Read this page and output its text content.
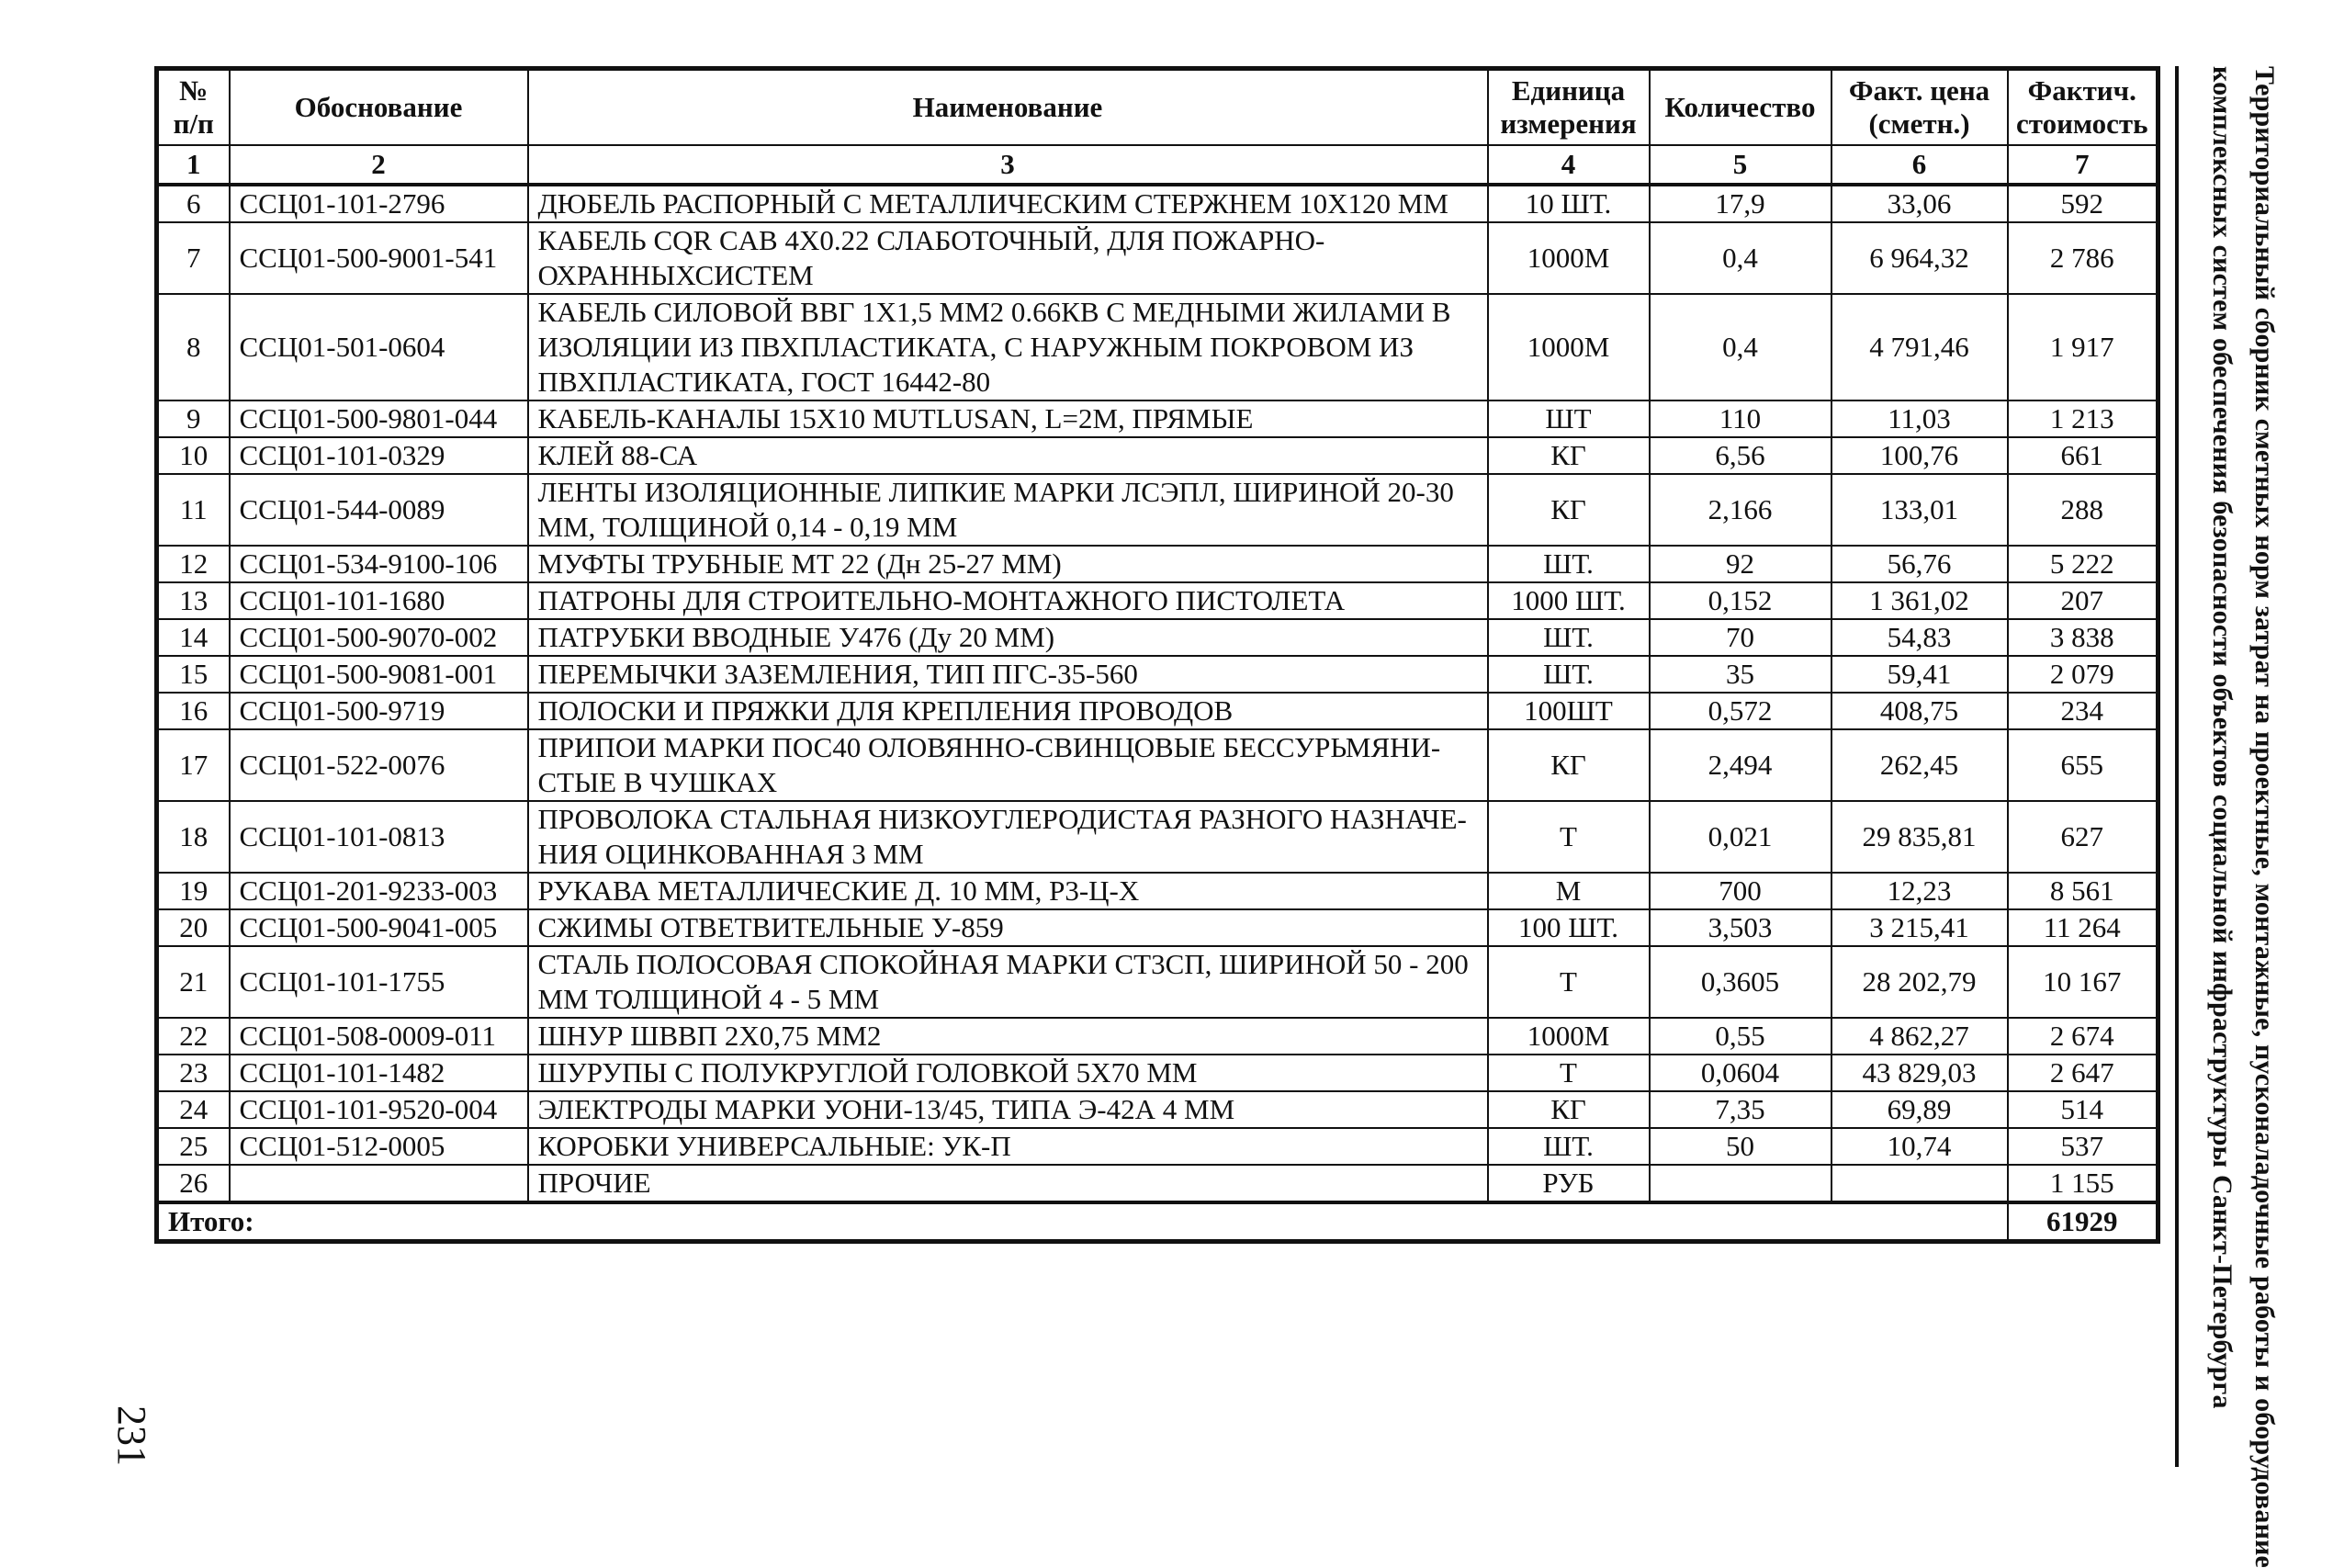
№ п/п	Обоснование	Наименование	Единица измерения	Количество	Факт. цена (сметн.)	Фактич. стоимость
1	2	3	4	5	6	7
6	ССЦ01-101-2796	ДЮБЕЛЬ РАСПОРНЫЙ С МЕТАЛЛИЧЕСКИМ СТЕРЖНЕМ 10Х120 ММ	10 ШТ.	17,9	33,06	592
7	ССЦ01-500-9001-541	КАБЕЛЬ CQR CAB 4Х0.22 СЛАБОТОЧНЫЙ, ДЛЯ ПОЖАРНО-ОХРАННЫХСИСТЕМ	1000М	0,4	6 964,32	2 786
8	ССЦ01-501-0604	КАБЕЛЬ СИЛОВОЙ ВВГ 1Х1,5 ММ2 0.66КВ С МЕДНЫМИ ЖИЛАМИ В ИЗОЛЯЦИИ ИЗ ПВХПЛАСТИКАТА, С НАРУЖНЫМ ПОКРОВОМ ИЗ ПВХПЛАСТИКАТА, ГОСТ 16442-80	1000М	0,4	4 791,46	1 917
9	ССЦ01-500-9801-044	КАБЕЛЬ-КАНАЛЫ 15Х10 MUTLUSAN, L=2М, ПРЯМЫЕ	ШТ	110	11,03	1 213
10	ССЦ01-101-0329	КЛЕЙ 88-СА	КГ	6,56	100,76	661
11	ССЦ01-544-0089	ЛЕНТЫ ИЗОЛЯЦИОННЫЕ ЛИПКИЕ МАРКИ ЛСЭПЛ, ШИРИНОЙ 20-30 ММ, ТОЛЩИНОЙ 0,14 - 0,19 ММ	КГ	2,166	133,01	288
12	ССЦ01-534-9100-106	МУФТЫ ТРУБНЫЕ МТ 22 (Дн 25-27 ММ)	ШТ.	92	56,76	5 222
13	ССЦ01-101-1680	ПАТРОНЫ ДЛЯ СТРОИТЕЛЬНО-МОНТАЖНОГО ПИСТОЛЕТА	1000 ШТ.	0,152	1 361,02	207
14	ССЦ01-500-9070-002	ПАТРУБКИ ВВОДНЫЕ У476 (Ду 20 ММ)	ШТ.	70	54,83	3 838
15	ССЦ01-500-9081-001	ПЕРЕМЫЧКИ ЗАЗЕМЛЕНИЯ, ТИП ПГС-35-560	ШТ.	35	59,41	2 079
16	ССЦ01-500-9719	ПОЛОСКИ И ПРЯЖКИ ДЛЯ КРЕПЛЕНИЯ ПРОВОДОВ	100ШТ	0,572	408,75	234
17	ССЦ01-522-0076	ПРИПОИ МАРКИ ПОС40 ОЛОВЯННО-СВИНЦОВЫЕ БЕССУРЬМЯНИ-СТЫЕ В ЧУШКАХ	КГ	2,494	262,45	655
18	ССЦ01-101-0813	ПРОВОЛОКА СТАЛЬНАЯ НИЗКОУГЛЕРОДИСТАЯ РАЗНОГО НАЗНАЧЕ-НИЯ ОЦИНКОВАННАЯ 3 ММ	Т	0,021	29 835,81	627
19	ССЦ01-201-9233-003	РУКАВА МЕТАЛЛИЧЕСКИЕ Д. 10 ММ, Р3-Ц-Х	М	700	12,23	8 561
20	ССЦ01-500-9041-005	СЖИМЫ ОТВЕТВИТЕЛЬНЫЕ У-859	100 ШТ.	3,503	3 215,41	11 264
21	ССЦ01-101-1755	СТАЛЬ ПОЛОСОВАЯ СПОКОЙНАЯ МАРКИ СТ3СП, ШИРИНОЙ 50 - 200 ММ ТОЛЩИНОЙ 4 - 5 ММ	Т	0,3605	28 202,79	10 167
22	ССЦ01-508-0009-011	ШНУР ШВВП 2Х0,75 ММ2	1000М	0,55	4 862,27	2 674
23	ССЦ01-101-1482	ШУРУПЫ С ПОЛУКРУГЛОЙ ГОЛОВКОЙ 5Х70 ММ	Т	0,0604	43 829,03	2 647
24	ССЦ01-101-9520-004	ЭЛЕКТРОДЫ МАРКИ УОНИ-13/45, ТИПА Э-42А 4 ММ	КГ	7,35	69,89	514
25	ССЦ01-512-0005	КОРОБКИ УНИВЕРСАЛЬНЫЕ: УК-П	ШТ.	50	10,74	537
26		ПРОЧИЕ	РУБ			1 155
Итого:						61929	Территориальный сборник сметных норм затрат на проектные, монтажные, пусконаладочные работы и оборудование
комплексных систем обеспечения безопасности объектов социальной инфраструктуры Санкт-Петербурга
231
